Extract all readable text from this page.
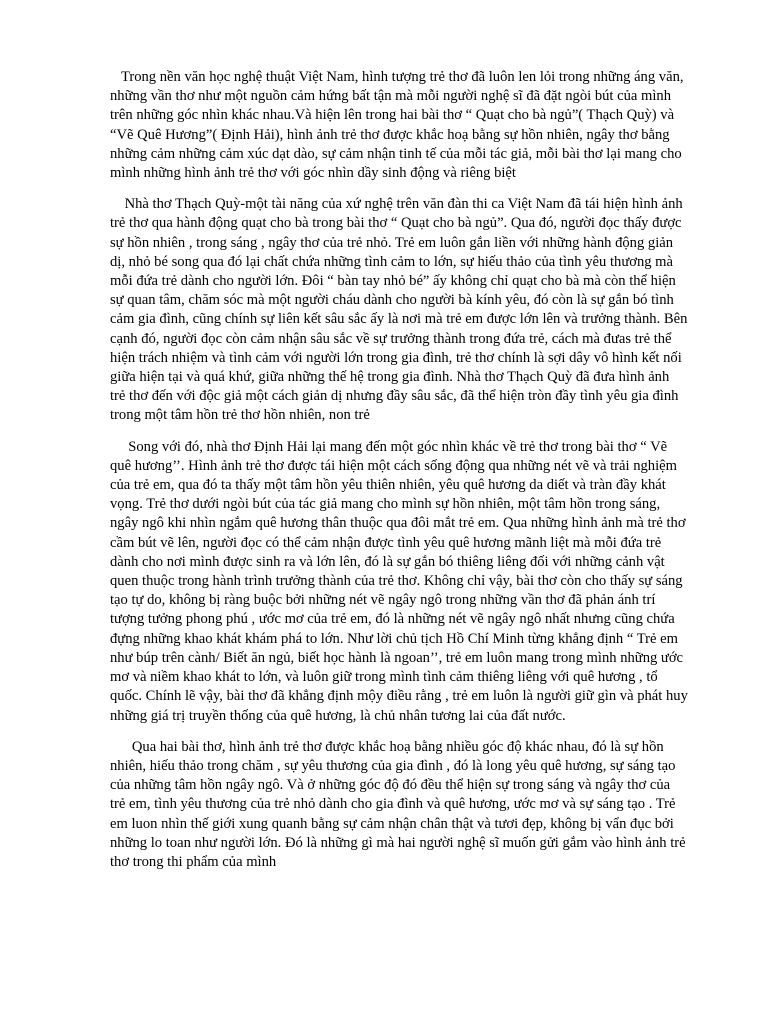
Trong nền văn học nghệ thuật Việt Nam, hình tượng trẻ thơ đã luôn len lỏi trong những áng văn, những vần thơ như một nguồn cảm hứng bất tận mà mỗi người nghệ sĩ đã đặt ngòi bút của mình trên những góc nhìn khác nhau.Và hiện lên trong hai bài thơ “ Quạt cho bà ngủ”( Thạch Quỳ) và “Vẽ Quê Hương”( Định Hải), hình ảnh trẻ thơ được khắc hoạ bằng sự hồn nhiên, ngây thơ bằng những cảm những cảm xúc dạt dào, sự cảm nhận tinh tế của mỗi tác giả, mỗi bài thơ lại mang cho mình những hình ảnh trẻ thơ với góc nhìn dầy sinh động và riêng biệt

Nhà thơ Thạch Quỳ-một tài năng của xứ nghệ trên văn đàn thi ca Việt Nam đã tái hiện hình ảnh trẻ thơ qua hành động quạt cho bà trong bài thơ “ Quạt cho bà ngủ”. Qua đó, người đọc thấy được sự hồn nhiên , trong sáng , ngây thơ của trẻ nhỏ. Trẻ em luôn gắn liền với những hành động giản dị, nhỏ bé song qua đó lại chất chứa những tình cảm to lớn, sự hiếu thảo của tình yêu thương mà mỗi đứa trẻ dành cho người lớn. Đôi “ bàn tay nhỏ bé” ấy không chỉ quạt cho bà mà còn thể hiện sự quan tâm, chăm sóc mà một người cháu dành cho người bà kính yêu, đó còn là sự gắn bó tình cảm gia đình, cũng chính sự liên kết sâu sắc ấy là nơi mà trẻ em được lớn lên và trưởng thành. Bên cạnh đó, người đọc còn cảm nhận sâu sắc về sự trưởng thành trong đứa trẻ, cách mà đưas trẻ thể hiện trách nhiệm và tình cảm với người lớn trong gia đình, trẻ thơ chính là sợi dây vô hình kết nối giữa hiện tại và quá khứ, giữa những thế hệ trong gia đình. Nhà thơ Thạch Quỳ đã đưa hình ảnh trẻ thơ đến với độc giả một cách giản dị nhưng đầy sâu sắc, đã thể hiện tròn đầy tình yêu gia đình trong một tâm hồn trẻ thơ hồn nhiên, non trẻ

Song với đó, nhà thơ Định Hải lại mang đến một góc nhìn khác về trẻ thơ trong bài thơ “ Vẽ quê hương’’. Hình ảnh trẻ thơ được tái hiện một cách sống động qua những nét vẽ và trải nghiệm của trẻ em, qua đó ta thấy một tâm hồn yêu thiên nhiên, yêu quê hương da diết và tràn đầy khát vọng. Trẻ thơ dưới ngòi bút của tác giả mang cho mình sự hồn nhiên, một tâm hồn trong sáng, ngây ngô khi nhìn ngắm quê hương thân thuộc qua đôi mắt trẻ em. Qua những hình ảnh mà trẻ thơ cầm bút vẽ lên, người đọc có thể cảm nhận được tình yêu quê hương mãnh liệt mà mỗi đứa trẻ dành cho nơi mình được sinh ra và lớn lên, đó là sự gắn bó thiêng liêng đối với những cảnh vật quen thuộc trong hành trình trưởng thành của trẻ thơ. Không chỉ vậy, bài thơ còn cho thấy sự sáng tạo tự do, không bị ràng buộc bởi những nét vẽ ngây ngô trong những vần thơ đã phản ánh trí tượng tưởng phong phú , ước mơ của trẻ em, đó là những nét vẽ ngây ngô nhất nhưng cũng chứa đựng những khao khát khám phá to lớn. Như lời chủ tịch Hồ Chí Minh từng khẳng định “ Trẻ em như búp trên cành/ Biết ăn ngủ, biết học hành là ngoan’’, trẻ em luôn mang trong mình những ước mơ và niềm khao khát to lớn, và luôn giữ trong mình tình cảm thiêng liêng với quê hương , tổ quốc. Chính lẽ vậy, bài thơ đã khẳng định mộy điều rằng , trẻ em luôn là người giữ gìn và phát huy những giá trị truyền thống của quê hương, là chủ nhân tương lai của đất nước.

Qua hai bài thơ, hình ảnh trẻ thơ được khắc hoạ bằng nhiều góc độ khác nhau, đó là sự hồn nhiên, hiếu thảo trong chăm , sự yêu thương của gia đình , đó là long yêu quê hương, sự sáng tạo của những tâm hồn ngây ngô. Và ở những góc độ đó đều thể hiện sự trong sáng và ngây thơ của trẻ em, tình yêu thương của trẻ nhỏ dành cho gia đình và quê hương, ước mơ và sự sáng tạo . Trẻ em luon nhìn thế giới xung quanh bằng sự cảm nhận chân thật và tươi đẹp, không bị vẩn đục bởi những lo toan như người lớn. Đó là những gì mà hai người nghệ sĩ muốn gửi gắm vào hình ảnh trẻ thơ trong thi phẩm của mình
